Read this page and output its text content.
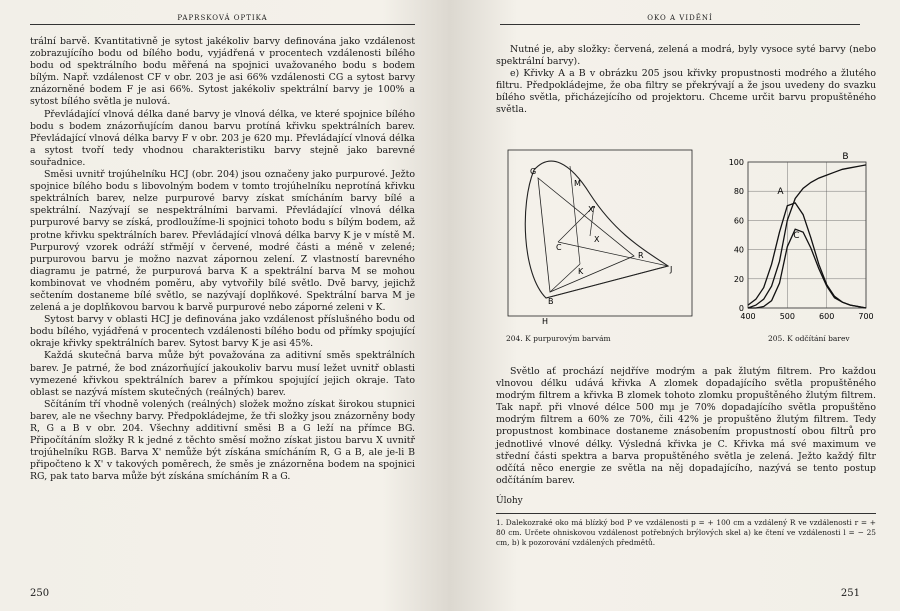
PAPRSKOVÁ OPTIKA

trální barvě. Kvantitativně je sytost jakékoliv barvy definována jako vzdálenost zobrazujícího bodu od bílého bodu, vyjádřená v procentech vzdálenosti bílého bodu od spektrálního bodu měřená na spojnici uvažovaného bodu s bodem bílým. Např. vzdálenost CF v obr. 203 je asi 66% vzdálenosti CG a sytost barvy znázorněné bodem F je asi 66%. Sytost jakékoliv spektrální barvy je 100% a sytost bílého světla je nulová.

Převládající vlnová délka dané barvy je vlnová délka, ve které spojnice bílého bodu s bodem znázorňujícím danou barvu protíná křivku spektrálních barev. Převládající vlnová délka barvy F v obr. 203 je 620 mμ. Převládající vlnová délka a sytost tvoří tedy vhodnou charakteristiku barvy stejně jako barevné souřadnice.

Směsi uvnitř trojúhelníku HCJ (obr. 204) jsou označeny jako purpurové. Ježto spojnice bílého bodu s libovolným bodem v tomto trojúhelníku neprotíná křivku spektrálních barev, nelze purpurové barvy získat smícháním barvy bílé a spektrální. Nazývají se nespektrálními barvami. Převládající vlnová délka purpurové barvy se získá, prodloužíme-li spojnici tohoto bodu s bílým bodem, až protne křivku spektrálních barev. Převládající vlnová délka barvy K je v místě M. Purpurový vzorek odráží střmějí v červené, modré části a méně v zelené; purpurovou barvu je možno nazvat zápornou zelení. Z vlastností barevného diagramu je patrné, že purpurová barva K a spektrální barva M se mohou kombinovat ve vhodném poměru, aby vytvořily bílé světlo. Dvě barvy, jejichž sečtením dostaneme bílé světlo, se nazývají doplňkové. Spektrální barva M je zelená a je doplňkovou barvou k barvě purpurové nebo záporné zeleni v K.

Sytost barvy v oblasti HCJ je definována jako vzdálenost příslušného bodu od bodu bílého, vyjádřená v procentech vzdálenosti bílého bodu od přímky spojující okraje křivky spektrálních barev. Sytost barvy K je asi 45%.

Každá skutečná barva může být považována za aditivní směs spektrálních barev. Je patrné, že bod znázorňující jakoukoliv barvu musí ležet uvnitř oblasti vymezené křivkou spektrálních barev a přímkou spojující jejich okraje. Tato oblast se nazývá místem skutečných (reálných) barev.

Sčítáním tří vhodně volených (reálných) složek možno získat širokou stupnici barev, ale ne všechny barvy. Předpokládejme, že tři složky jsou znázorněny body R, G a B v obr. 204. Všechny additivní směsi B a G leží na přímce BG. Připočítáním složky R k jedné z těchto směsí možno získat jistou barvu X uvnitř trojúhelníku RGB. Barva X' nemůže být získána smícháním R, G a B, ale je-li B připočteno k X' v takových poměrech, že směs je znázorněna bodem na spojnici RG, pak tato barva může být získána smícháním R a G.

250
OKO A VIDĚNÍ

Nutné je, aby složky: červená, zelená a modrá, byly vysoce syté barvy (nebo spektrální barvy).

e) Křivky A a B v obrázku 205 jsou křivky propustnosti modrého a žlutého filtru. Předpokládejme, že oba filtry se překrývají a že jsou uvedeny do svazku bílého světla, přicházejícího od projektoru. Chceme určit barvu propuštěného světla.

G
M
X'
X
C
K
R
J
B
H
204. K purpurovým barvám
0
20
40
60
80
100
400	500	600	700
A
B
C
205. K odčítání barev

Světlo ať prochází nejdříve modrým a pak žlutým filtrem. Pro každou vlnovou délku udává křivka A zlomek dopadajícího světla propuštěného modrým filtrem a křivka B zlomek tohoto zlomku propuštěného žlutým filtrem. Tak např. při vlnové délce 500 mμ je 70% dopadajícího světla propuštěno modrým filtrem a 60% ze 70%, čili 42% je propuštěno žlutým filtrem. Tedy propustnost kombinace dostaneme znásobením propustností obou filtrů pro jednotlivé vlnové délky. Výsledná křivka je C. Křivka má své maximum ve střední části spektra a barva propuštěného světla je zelená. Ježto každý filtr odčítá něco energie ze světla na něj dopadajícího, nazývá se tento postup odčítáním barev.

Úlohy
1. Dalekozraké oko má blízký bod P ve vzdálenosti p = + 100 cm a vzdálený R ve vzdálenosti r = + 80 cm. Určete ohniskovou vzdálenost potřebných brýlových skel a) ke čtení ve vzdálenosti l = − 25 cm, b) k pozorování vzdálených předmětů.
251
